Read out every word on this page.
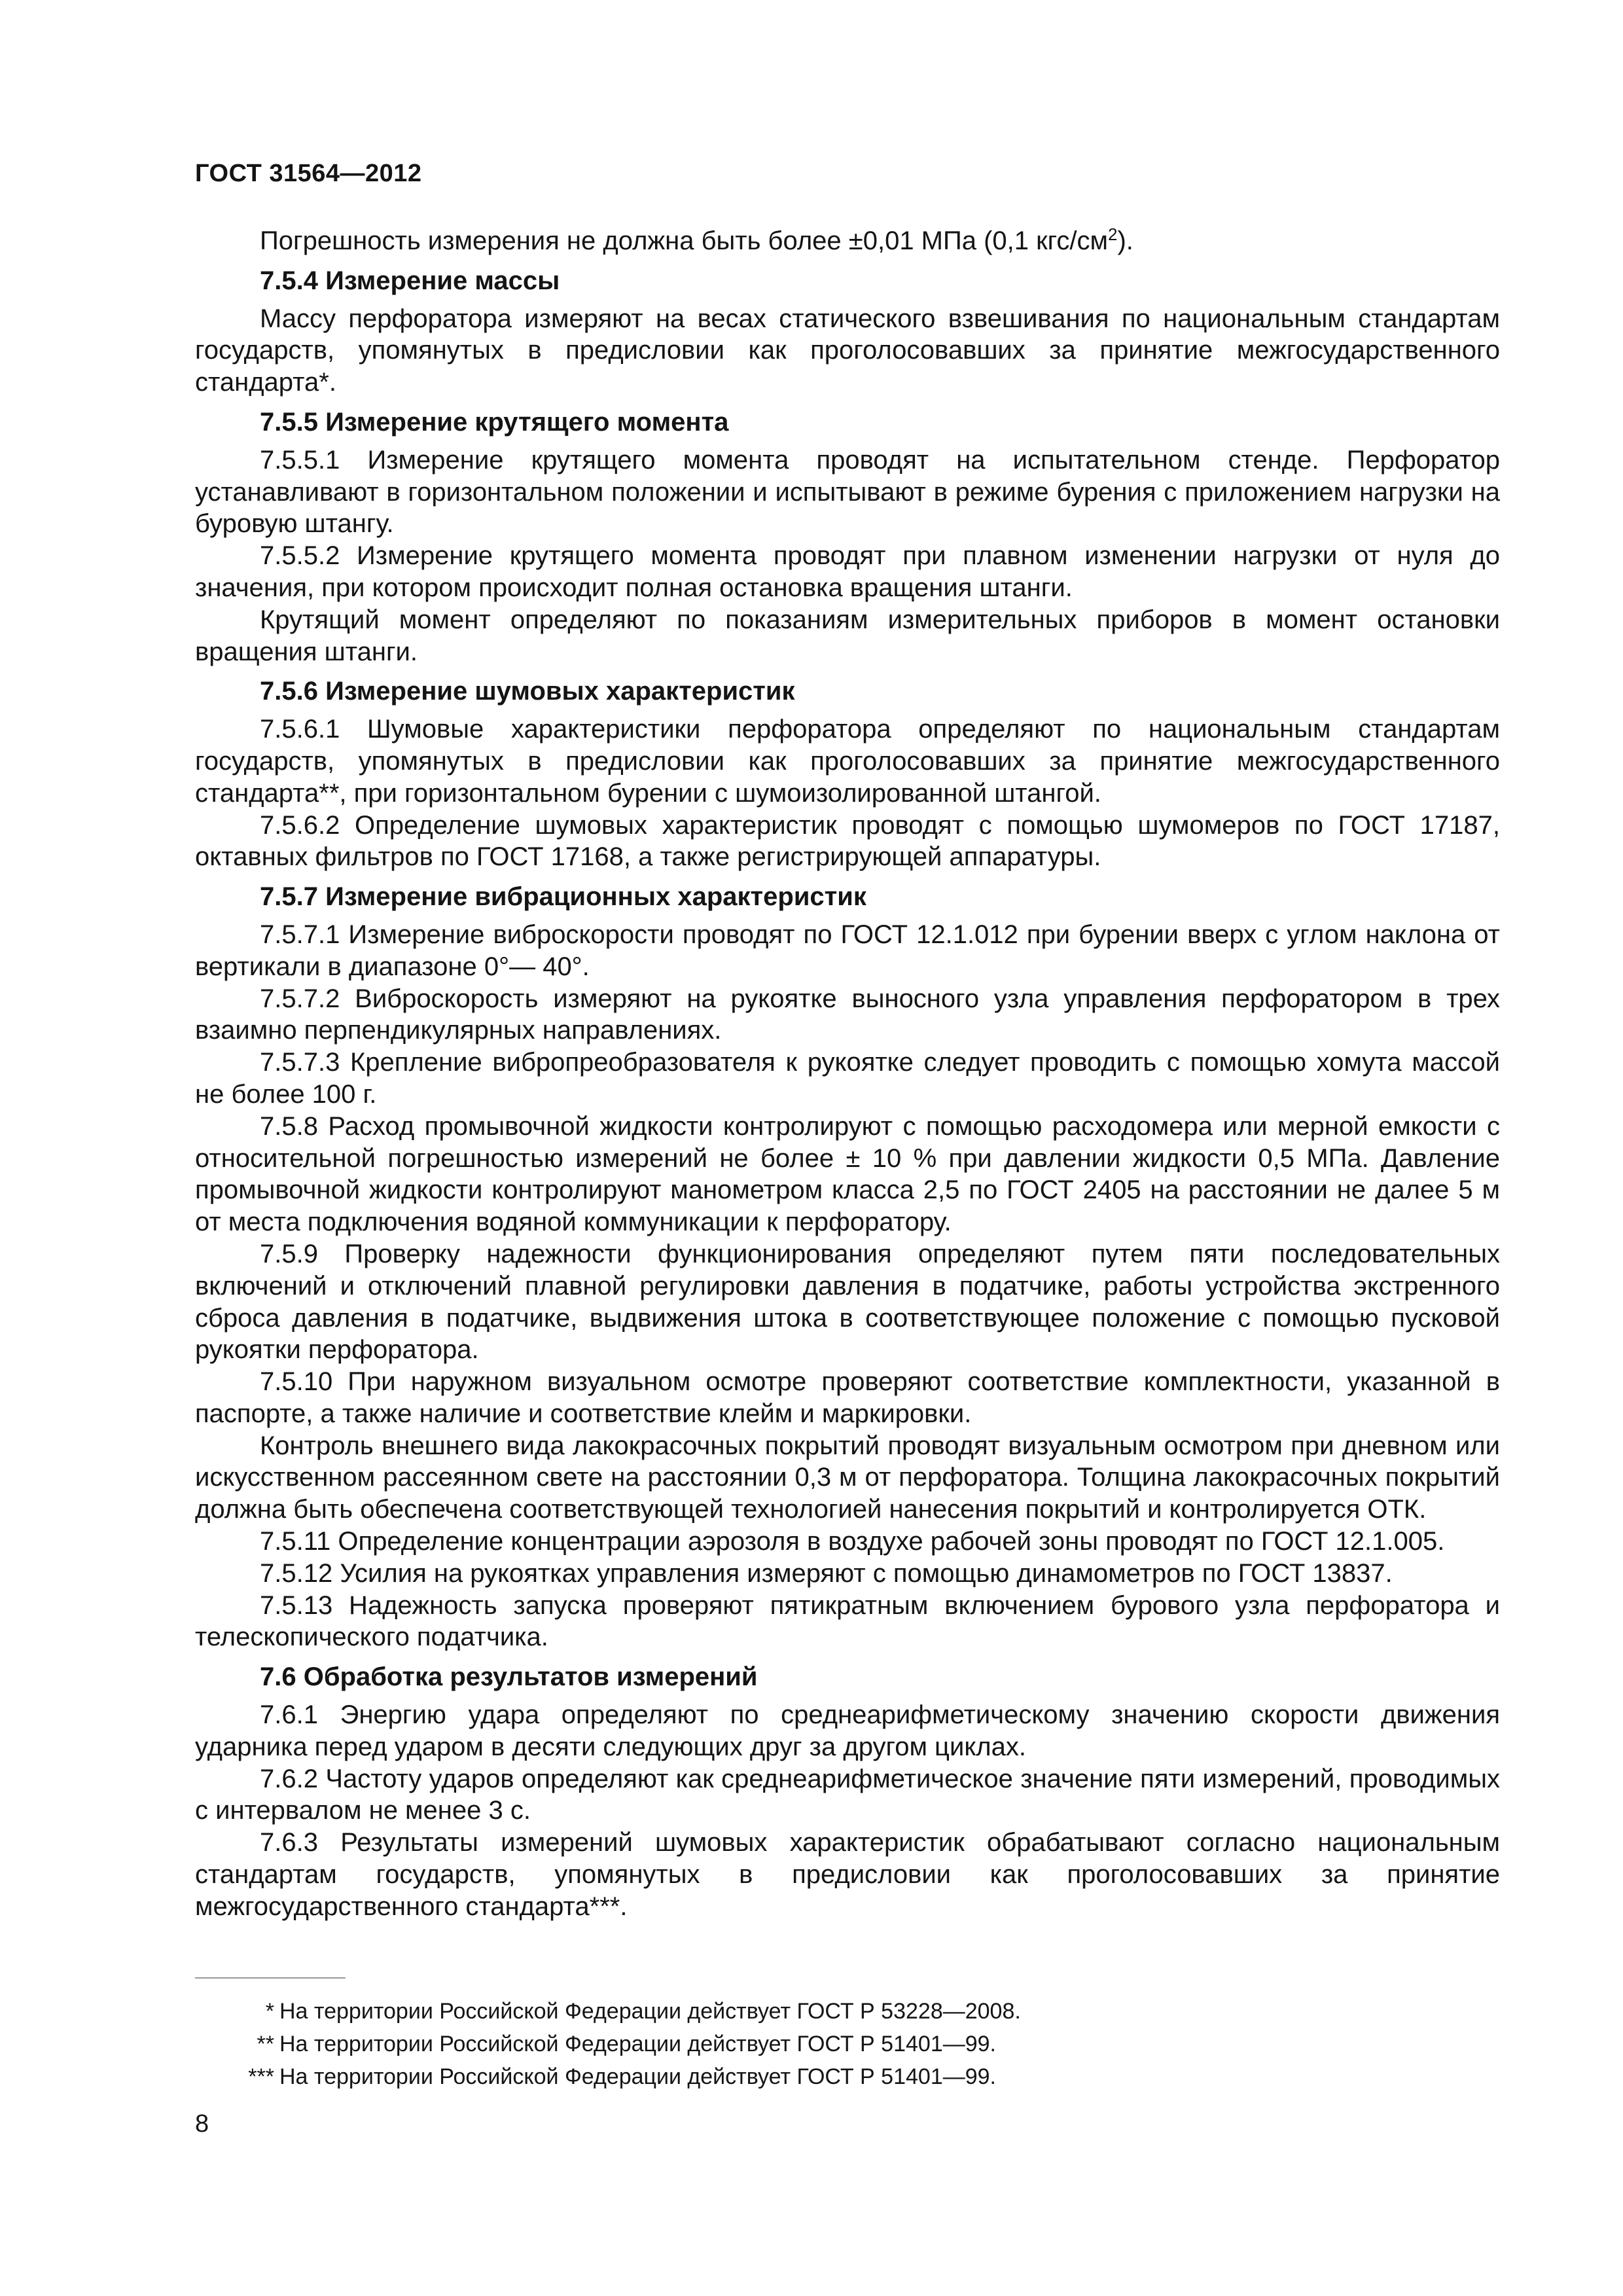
ГОСТ 31564—2012

Погрешность измерения не должна быть более ±0,01 МПа (0,1 кгс/$см^2$).

7.5.4 Измерение массы

Массу перфоратора измеряют на весах статического взвешивания по национальным стандартам государств, упомянутых в предисловии как проголосовавших за принятие межгосударственного стандарта*.

7.5.5 Измерение крутящего момента

7.5.5.1 Измерение крутящего момента проводят на испытательном стенде. Перфоратор устанавливают в горизонтальном положении и испытывают в режиме бурения с приложением нагрузки на буровую штангу.

7.5.5.2 Измерение крутящего момента проводят при плавном изменении нагрузки от нуля до значения, при котором происходит полная остановка вращения штанги.

Крутящий момент определяют по показаниям измерительных приборов в момент остановки вращения штанги.

7.5.6 Измерение шумовых характеристик

7.5.6.1 Шумовые характеристики перфоратора определяют по национальным стандартам государств, упомянутых в предисловии как проголосовавших за принятие межгосударственного стандарта**, при горизонтальном бурении с шумоизолированной штангой.

7.5.6.2 Определение шумовых характеристик проводят с помощью шумомеров по ГОСТ 17187, октавных фильтров по ГОСТ 17168, а также регистрирующей аппаратуры.

7.5.7 Измерение вибрационных характеристик

7.5.7.1 Измерение виброскорости проводят по ГОСТ 12.1.012 при бурении вверх с углом наклона от вертикали в диапазоне 0°— 40°.

7.5.7.2 Виброскорость измеряют на рукоятке выносного узла управления перфоратором в трех взаимно перпендикулярных направлениях.

7.5.7.3 Крепление вибропреобразователя к рукоятке следует проводить с помощью хомута массой не более 100 г.

7.5.8 Расход промывочной жидкости контролируют с помощью расходомера или мерной емкости с относительной погрешностью измерений не более ± 10 % при давлении жидкости 0,5 МПа. Давление промывочной жидкости контролируют манометром класса 2,5 по ГОСТ 2405 на расстоянии не далее 5 м от места подключения водяной коммуникации к перфоратору.

7.5.9 Проверку надежности функционирования определяют путем пяти последовательных включений и отключений плавной регулировки давления в податчике, работы устройства экстренного сброса давления в податчике, выдвижения штока в соответствующее положение с помощью пусковой рукоятки перфоратора.

7.5.10 При наружном визуальном осмотре проверяют соответствие комплектности, указанной в паспорте, а также наличие и соответствие клейм и маркировки.

Контроль внешнего вида лакокрасочных покрытий проводят визуальным осмотром при дневном или искусственном рассеянном свете на расстоянии 0,3 м от перфоратора. Толщина лакокрасочных покрытий должна быть обеспечена соответствующей технологией нанесения покрытий и контролируется ОТК.

7.5.11 Определение концентрации аэрозоля в воздухе рабочей зоны проводят по ГОСТ 12.1.005.

7.5.12 Усилия на рукоятках управления измеряют с помощью динамометров по ГОСТ 13837.

7.5.13 Надежность запуска проверяют пятикратным включением бурового узла перфоратора и телескопического податчика.

7.6 Обработка результатов измерений

7.6.1 Энергию удара определяют по среднеарифметическому значению скорости движения ударника перед ударом в десяти следующих друг за другом циклах.

7.6.2 Частоту ударов определяют как среднеарифметическое значение пяти измерений, проводимых с интервалом не менее 3 с.

7.6.3 Результаты измерений шумовых характеристик обрабатывают согласно национальным стандартам государств, упомянутых в предисловии как проголосовавших за принятие межгосударственного стандарта***.

* На территории Российской Федерации действует ГОСТ Р 53228—2008.
** На территории Российской Федерации действует ГОСТ Р 51401—99.
*** На территории Российской Федерации действует ГОСТ Р 51401—99.
8
